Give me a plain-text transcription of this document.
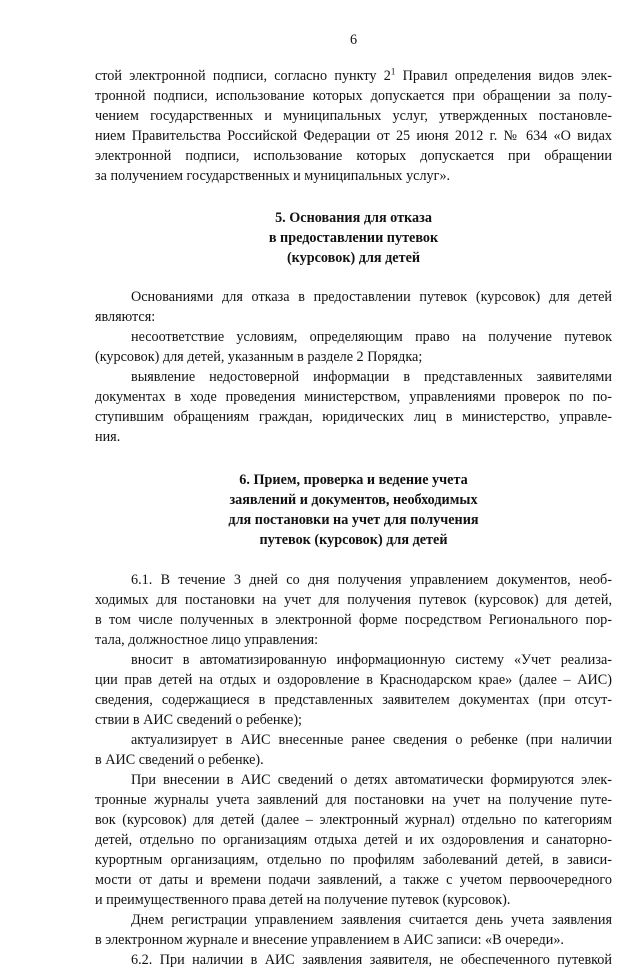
6
стой электронной подписи, согласно пункту $2^1$ Правил определения видов элек-
тронной подписи, использование которых допускается при обращении за полу-
чением государственных и муниципальных услуг, утвержденных постановле-
нием Правительства Российской Федерации от 25 июня 2012 г. № 634 «О видах
электронной подписи, использование которых допускается при обращении
за получением государственных и муниципальных услуг».
5. Основания для отказа
в предоставлении путевок
(курсовок) для детей
Основаниями для отказа в предоставлении путевок (курсовок) для детей
являются:
несоответствие условиям, определяющим право на получение путевок
(курсовок) для детей, указанным в разделе 2 Порядка;
выявление недостоверной информации в представленных заявителями
документах в ходе проведения министерством, управлениями проверок по по-
ступившим обращениям граждан, юридических лиц в министерство, управле-
ния.
6. Прием, проверка и ведение учета
заявлений и документов, необходимых
для постановки на учет для получения
путевок (курсовок) для детей
6.1. В течение 3 дней со дня получения управлением документов, необ-
ходимых для постановки на учет для получения путевок (курсовок) для детей,
в том числе полученных в электронной форме посредством Регионального пор-
тала, должностное лицо управления:
вносит в автоматизированную информационную систему «Учет реализа-
ции прав детей на отдых и оздоровление в Краснодарском крае» (далее – АИС)
сведения, содержащиеся в представленных заявителем документах (при отсут-
ствии в АИС сведений о ребенке);
актуализирует в АИС внесенные ранее сведения о ребенке (при наличии
в АИС сведений о ребенке).
При внесении в АИС сведений о детях автоматически формируются элек-
тронные журналы учета заявлений для постановки на учет на получение путе-
вок (курсовок) для детей (далее – электронный журнал) отдельно по категориям
детей, отдельно по организациям отдыха детей и их оздоровления и санаторно-
курортным организациям, отдельно по профилям заболеваний детей, в зависи-
мости от даты и времени подачи заявлений, а также с учетом первоочередного
и преимущественного права детей на получение путевок (курсовок).
Днем регистрации управлением заявления считается день учета заявления
в электронном журнале и внесение управлением в АИС записи: «В очереди».
6.2. При наличии в АИС заявления заявителя, не обеспеченного путевкой
